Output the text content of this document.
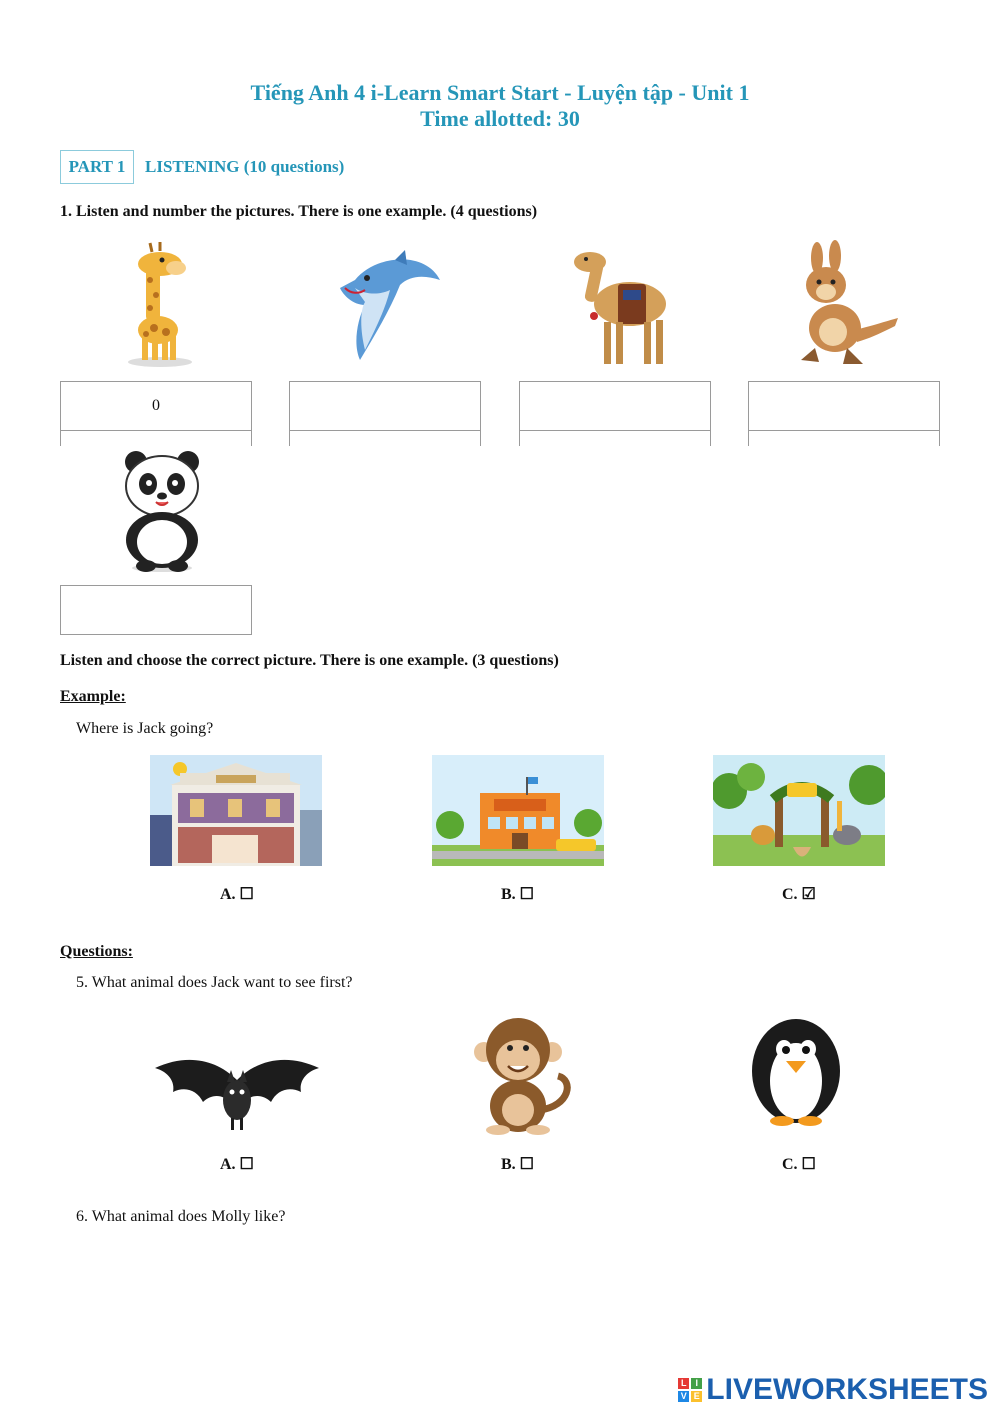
Tiếng Anh 4 i-Learn Smart Start - Luyện tập - Unit 1
Time allotted: 30
PART 1	LISTENING (10 questions)
1. Listen and number the pictures. There is one example. (4 questions)
0
Listen and choose the correct picture. There is one example. (3 questions)
Example:
Where is Jack going?
A. ☐	B. ☐	C. ☑
Questions:
5. What animal does Jack want to see first?
A. ☐	B. ☐	C. ☐
6. What animal does Molly like?
L I
V E LIVEWORKSHEETS
